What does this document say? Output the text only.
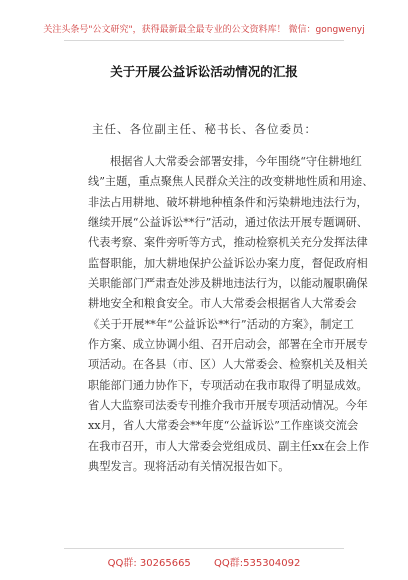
关注头条号"公文研究"，获得最新最全最专业的公文资料库！ 微信：gongwenyj
关于开展公益诉讼活动情况的汇报
主任、各位副主任、秘书长、各位委员：
根据省人大常委会部署安排，今年围绕“守住耕地红
线”主题，重点聚焦人民群众关注的改变耕地性质和用途、
非法占用耕地、破坏耕地种植条件和污染耕地违法行为，
继续开展“公益诉讼**行”活动，通过依法开展专题调研、
代表考察、案件旁听等方式，推动检察机关充分发挥法律
监督职能，加大耕地保护公益诉讼办案力度，督促政府相
关职能部门严肃查处涉及耕地违法行为，以能动履职确保
耕地安全和粮食安全。市人大常委会根据省人大常委会
《关于开展**年“公益诉讼**行”活动的方案》，制定工
作方案、成立协调小组、召开启动会，部署在全市开展专
项活动。在各县（市、区）人大常委会、检察机关及相关
职能部门通力协作下，专项活动在我市取得了明显成效。
省人大监察司法委专刊推介我市开展专项活动情况。今年
xx月，省人大常委会**年度“公益诉讼”工作座谈交流会
在我市召开，市人大常委会党组成员、副主任xx在会上作
典型发言。现将活动有关情况报告如下。
QQ群: 30265665 QQ群:535304092
